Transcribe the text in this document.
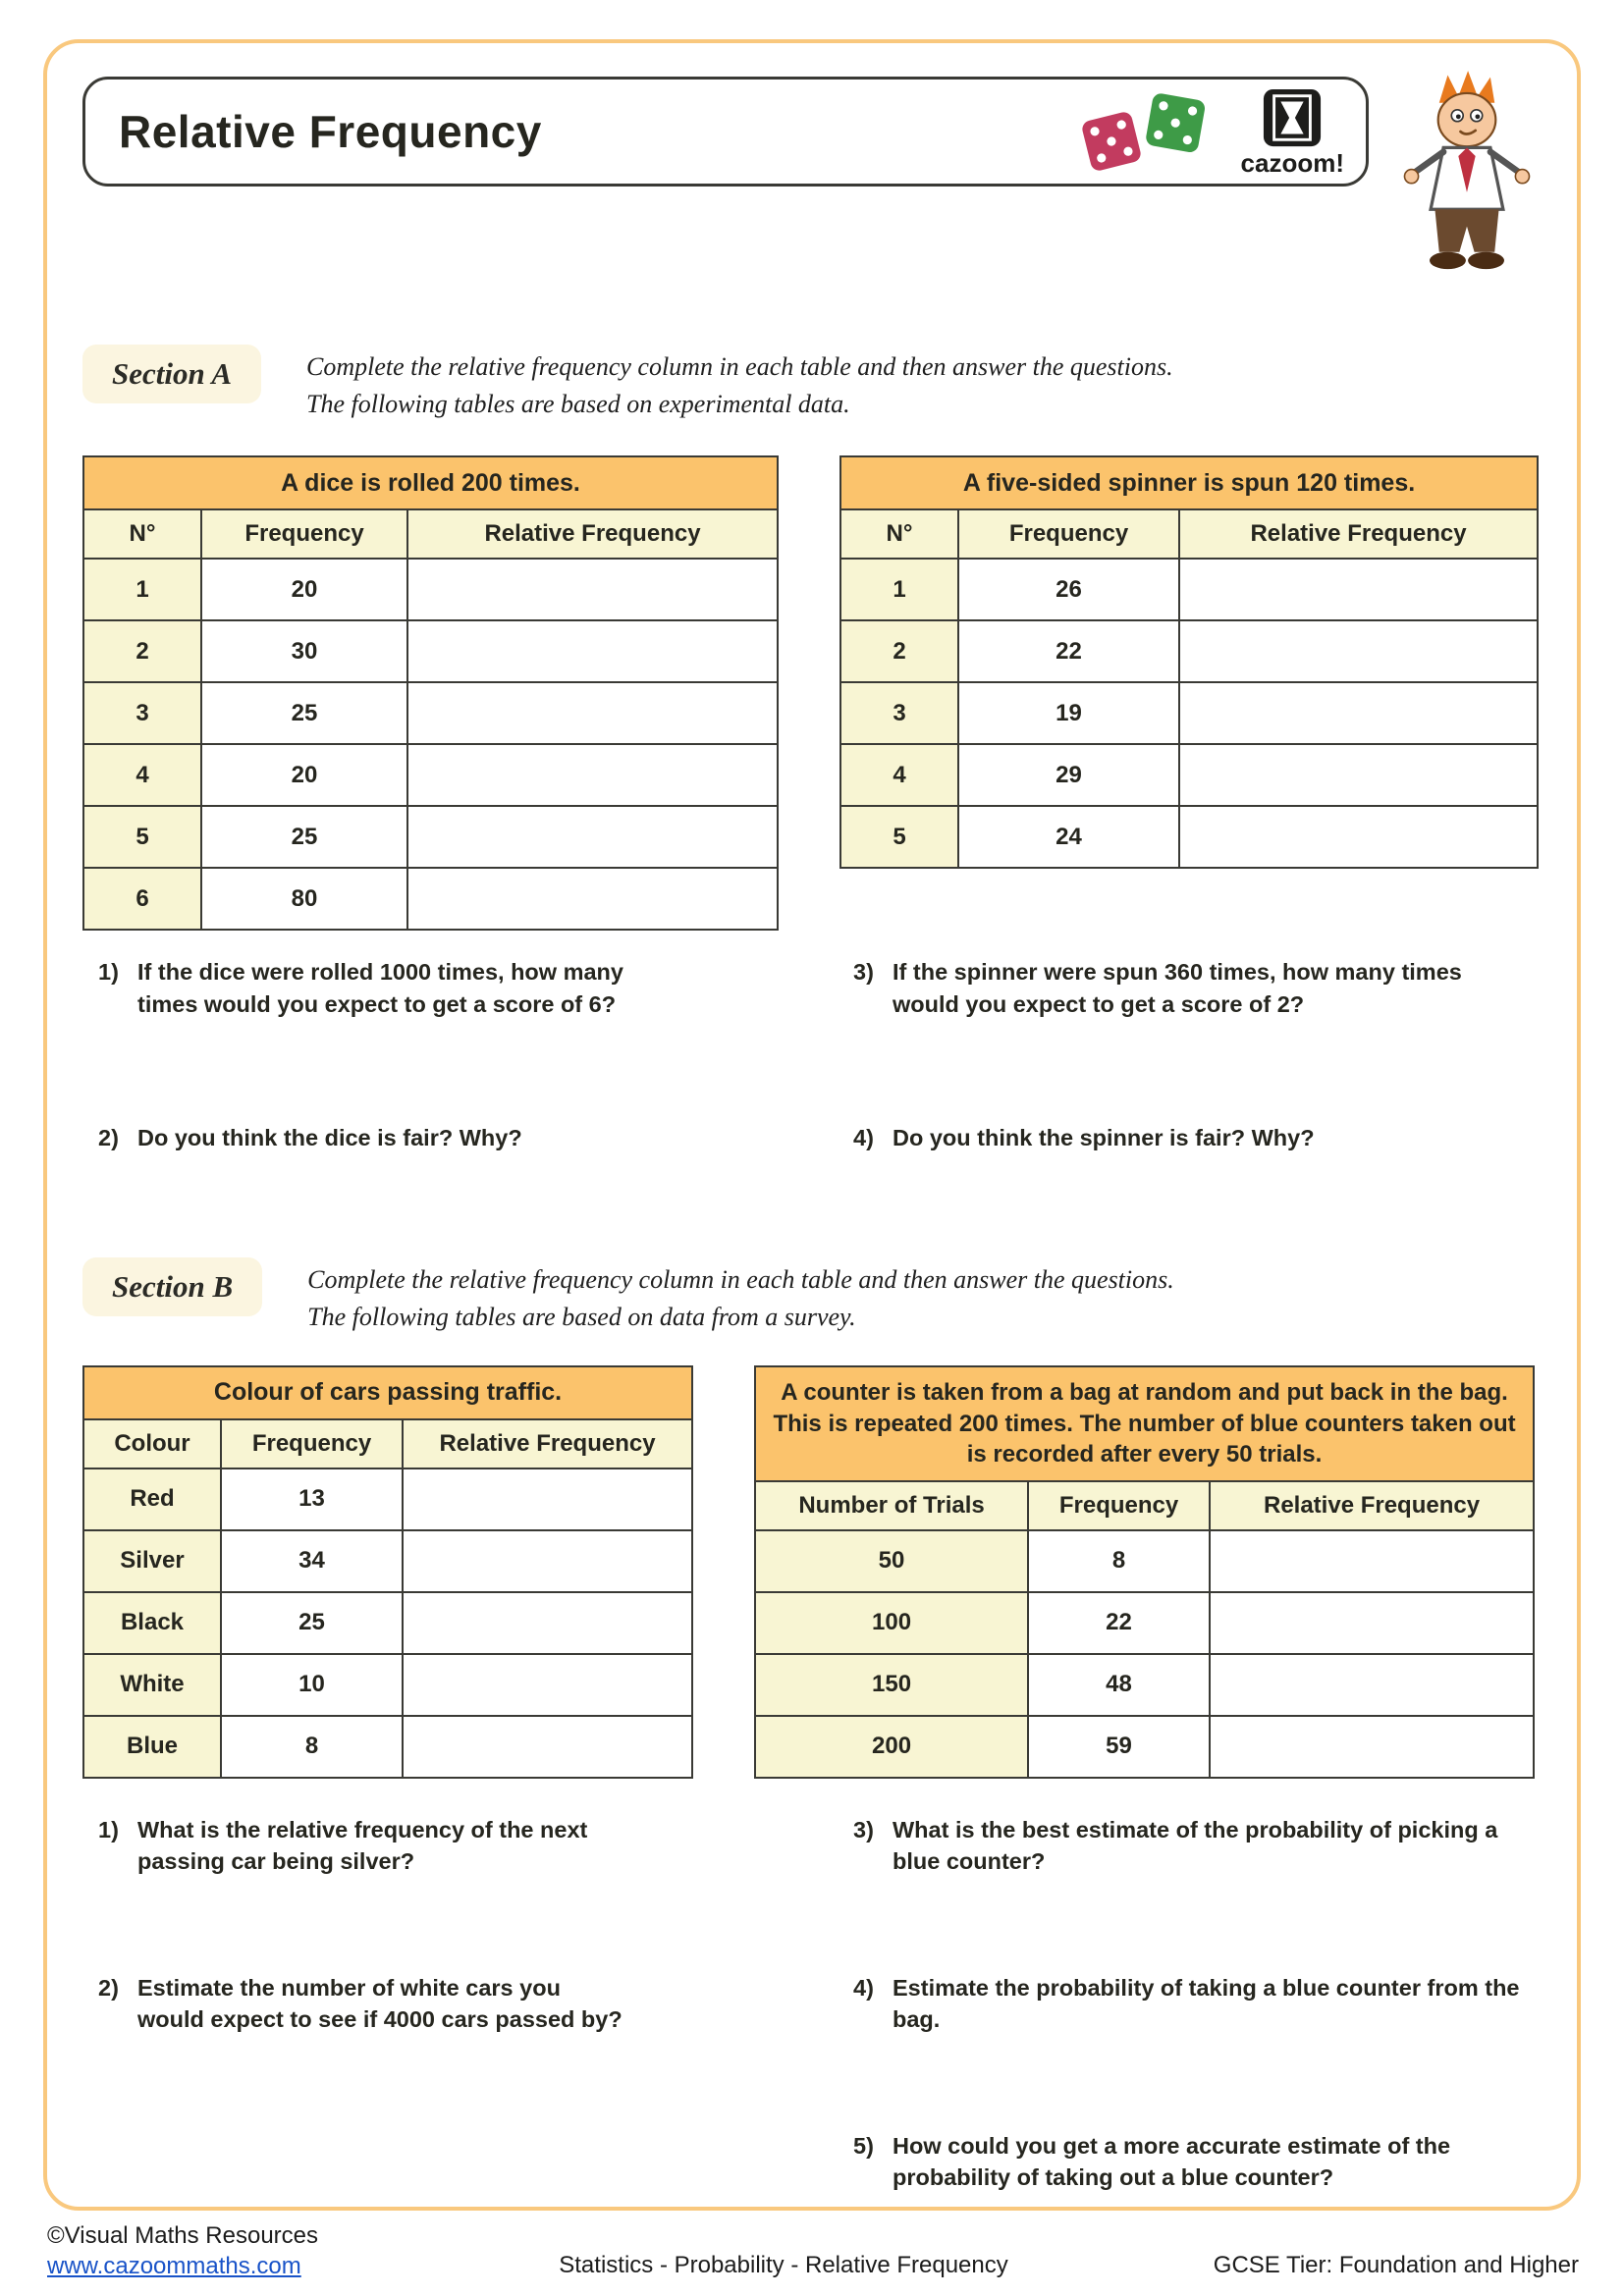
Relative Frequency
cazoom!
Section A	Complete the relative frequency column in each table and then answer the questions.
The following tables are based on experimental data.
A dice is rolled 200 times.		
N°	Frequency	Relative Frequency
1	20	
2	30	
3	25	
4	20	
5	25	
6	80	
A five-sided spinner is spun 120 times.		
N°	Frequency	Relative Frequency
1	26	
2	22	
3	19	
4	29	
5	24	
1) If the dice were rolled 1000 times, how many times would you expect to get a score of 6?
3) If the spinner were spun 360 times, how many times would you expect to get a score of 2?
2) Do you think the dice is fair? Why?	4) Do you think the spinner is fair? Why?
Section B	Complete the relative frequency column in each table and then answer the questions.
The following tables are based on data from a survey.
Colour of cars passing traffic.		
Colour	Frequency	Relative Frequency
Red	13	
Silver	34	
Black	25	
White	10	
Blue	8	
A counter is taken from a bag at random and put back in the bag. This is repeated 200 times. The number of blue counters taken out is recorded after every 50 trials.		
Number of Trials	Frequency	Relative Frequency
50	8	
100	22	
150	48	
200	59	
1) What is the relative frequency of the next passing car being silver?
3) What is the best estimate of the probability of picking a blue counter?
2) Estimate the number of white cars you would expect to see if 4000 cars passed by?
4) Estimate the probability of taking a blue counter from the bag.
5) How could you get a more accurate estimate of the probability of taking out a blue counter?
©Visual Maths Resources
www.cazoommaths.com	Statistics - Probability - Relative Frequency	GCSE Tier: Foundation and Higher
